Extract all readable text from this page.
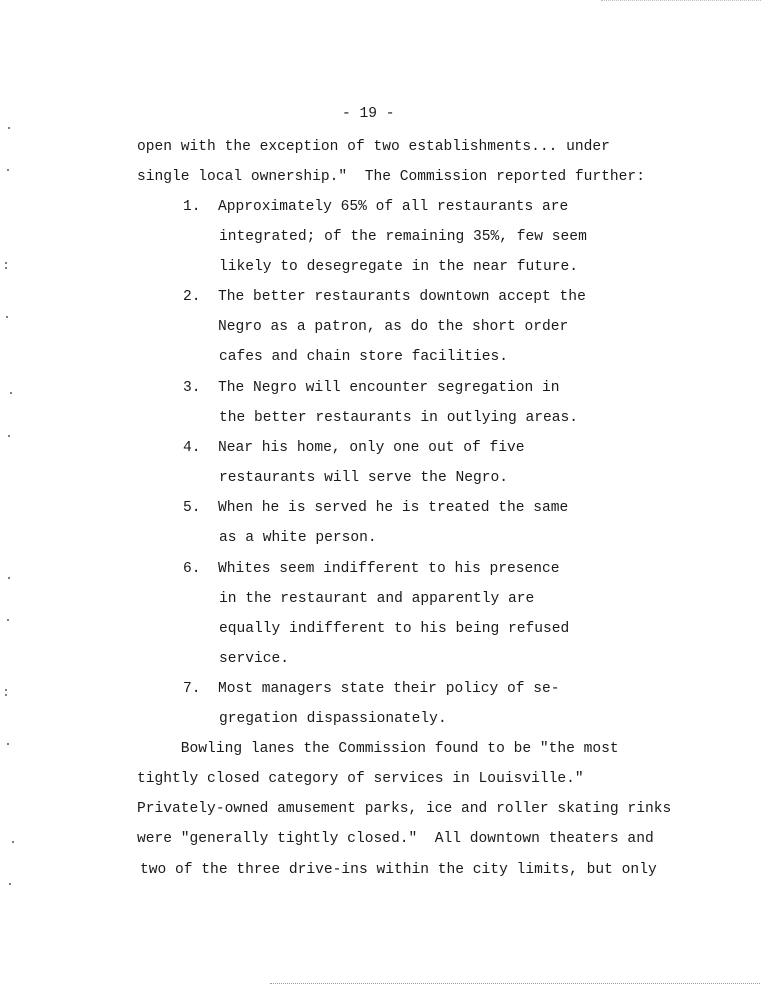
- 19 -
open with the exception of two establishments... under
single local ownership."  The Commission reported further:
1. Approximately 65% of all restaurants are
integrated; of the remaining 35%, few seem
likely to desegregate in the near future.
2. The better restaurants downtown accept the
Negro as a patron, as do the short order
cafes and chain store facilities.
3. The Negro will encounter segregation in
the better restaurants in outlying areas.
4. Near his home, only one out of five
restaurants will serve the Negro.
5. When he is served he is treated the same
as a white person.
6. Whites seem indifferent to his presence
in the restaurant and apparently are
equally indifferent to his being refused
service.
7. Most managers state their policy of se-
gregation dispassionately.
Bowling lanes the Commission found to be "the most
tightly closed category of services in Louisville."
Privately-owned amusement parks, ice and roller skating rinks
were "generally tightly closed."  All downtown theaters and
two of the three drive-ins within the city limits, but only
